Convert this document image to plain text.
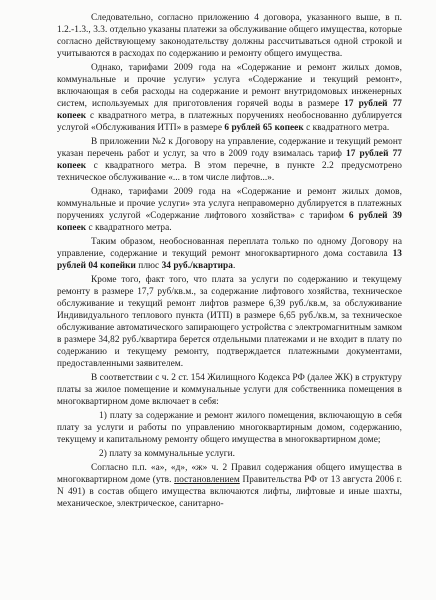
Следовательно, согласно приложению 4 договора, указанного выше, в п. 1.2.-1.3., 3.3. отдельно указаны платежи за обслуживание общего имущества, которые согласно действующему законодательству должны рассчитываться одной строкой и учитываются в расходах по содержанию и ремонту общего имущества.

Однако, тарифами 2009 года на «Содержание и ремонт жилых домов, коммунальные и прочие услуги» услуга «Содержание и текущий ремонт», включающая в себя расходы на содержание и ремонт внутридомовых инженерных систем, используемых для приготовления горячей воды в размере 17 рублей 77 копеек с квадратного метра, в платежных поручениях необоснованно дублируется услугой «Обслуживания ИТП» в размере 6 рублей 65 копеек с квадратного метра.

В приложении №2 к Договору на управление, содержание и текущий ремонт указан перечень работ и услуг, за что в 2009 году взималась тариф 17 рублей 77 копеек с квадратного метра. В этом перечне, в пункте 2.2 предусмотрено техническое обслуживание «... в том числе лифтов...».

Однако, тарифами 2009 года на «Содержание и ремонт жилых домов, коммунальные и прочие услуги» эта услуга неправомерно дублируется в платежных поручениях услугой «Содержание лифтового хозяйства» с тарифом 6 рублей 39 копеек с квадратного метра.

Таким образом, необоснованная переплата только по одному Договору на управление, содержание и текущий ремонт многоквартирного дома составила 13 рублей 04 копейки плюс 34 руб./квартира.

Кроме того, факт того, что плата за услуги по содержанию и текущему ремонту в размере 17,7 руб/кв.м., за содержание лифтового хозяйства, техническое обслуживание и текущий ремонт лифтов размере 6,39 руб./кв.м, за обслуживание Индивидуального теплового пункта (ИТП) в размере 6,65 руб./кв.м, за техническое обслуживание автоматического запирающего устройства с электромагнитным замком в размере 34,82 руб./квартира берется отдельными платежами и не входит в плату по содержанию и текущему ремонту, подтверждается платежными документами, предоставленными заявителем.

В соответствии с ч. 2 ст. 154 Жилищного Кодекса РФ (далее ЖК) в структуру платы за жилое помещение и коммунальные услуги для собственника помещения в многоквартирном доме включает в себя:

1) плату за содержание и ремонт жилого помещения, включающую в себя плату за услуги и работы по управлению многоквартирным домом, содержанию, текущему и капитальному ремонту общего имущества в многоквартирном доме;

2) плату за коммунальные услуги.

Согласно п.п. «а», «д», «ж» ч. 2 Правил содержания общего имущества в многоквартирном доме (утв. постановлением Правительства РФ от 13 августа 2006 г. N 491) в состав общего имущества включаются лифты, лифтовые и иные шахты, механическое, электрическое, санитарно-
